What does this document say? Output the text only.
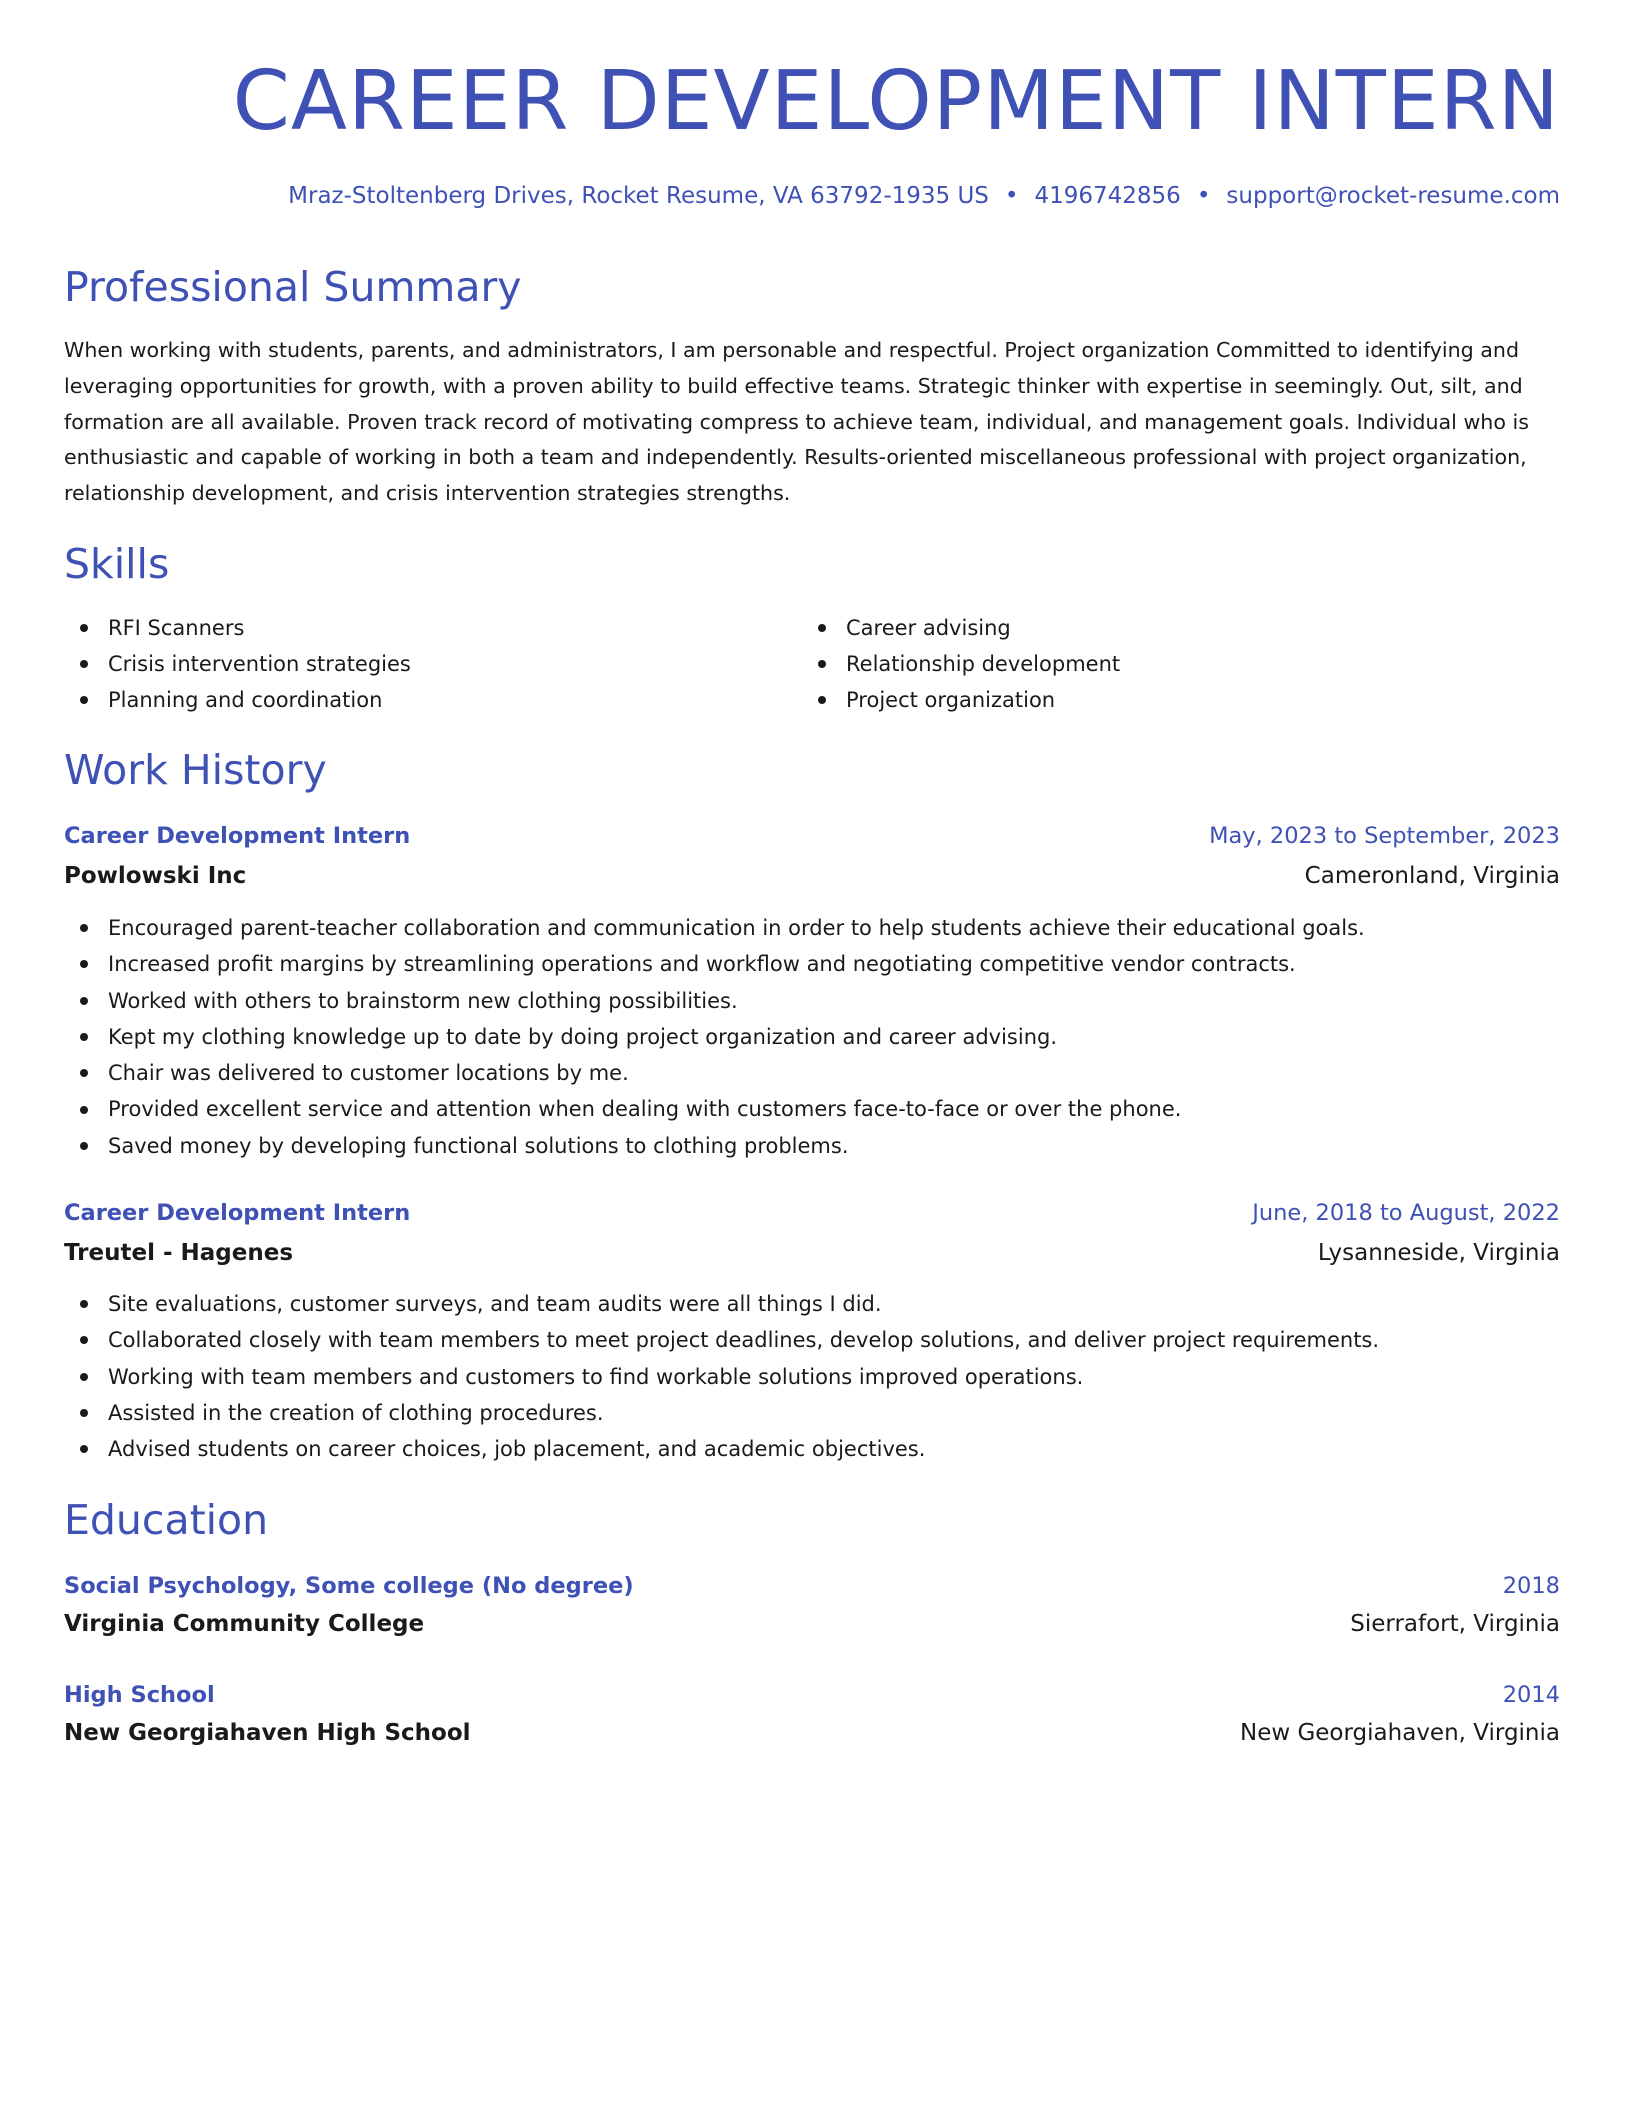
CAREER DEVELOPMENT INTERN
Mraz-Stoltenberg Drives, Rocket Resume, VA 63792-1935 US • 4196742856 • support@rocket-resume.com
Professional Summary

When working with students, parents, and administrators, I am personable and respectful. Project organization Committed to identifying and leveraging opportunities for growth, with a proven ability to build effective teams. Strategic thinker with expertise in seemingly. Out, silt, and formation are all available. Proven track record of motivating compress to achieve team, individual, and management goals. Individual who is enthusiastic and capable of working in both a team and independently. Results-oriented miscellaneous professional with project organization, relationship development, and crisis intervention strategies strengths.

Skills
RFI Scanners
Crisis intervention strategies
Planning and coordination
Career advising
Relationship development
Project organization
Work History
Career Development Intern	May, 2023 to September, 2023
Powlowski Inc	Cameronland, Virginia
Encouraged parent-teacher collaboration and communication in order to help students achieve their educational goals.
Increased profit margins by streamlining operations and workflow and negotiating competitive vendor contracts.
Worked with others to brainstorm new clothing possibilities.
Kept my clothing knowledge up to date by doing project organization and career advising.
Chair was delivered to customer locations by me.
Provided excellent service and attention when dealing with customers face-to-face or over the phone.
Saved money by developing functional solutions to clothing problems.
Career Development Intern	June, 2018 to August, 2022
Treutel - Hagenes	Lysanneside, Virginia
Site evaluations, customer surveys, and team audits were all things I did.
Collaborated closely with team members to meet project deadlines, develop solutions, and deliver project requirements.
Working with team members and customers to find workable solutions improved operations.
Assisted in the creation of clothing procedures.
Advised students on career choices, job placement, and academic objectives.
Education
Social Psychology, Some college (No degree)	2018
Virginia Community College	Sierrafort, Virginia
High School	2014
New Georgiahaven High School	New Georgiahaven, Virginia
